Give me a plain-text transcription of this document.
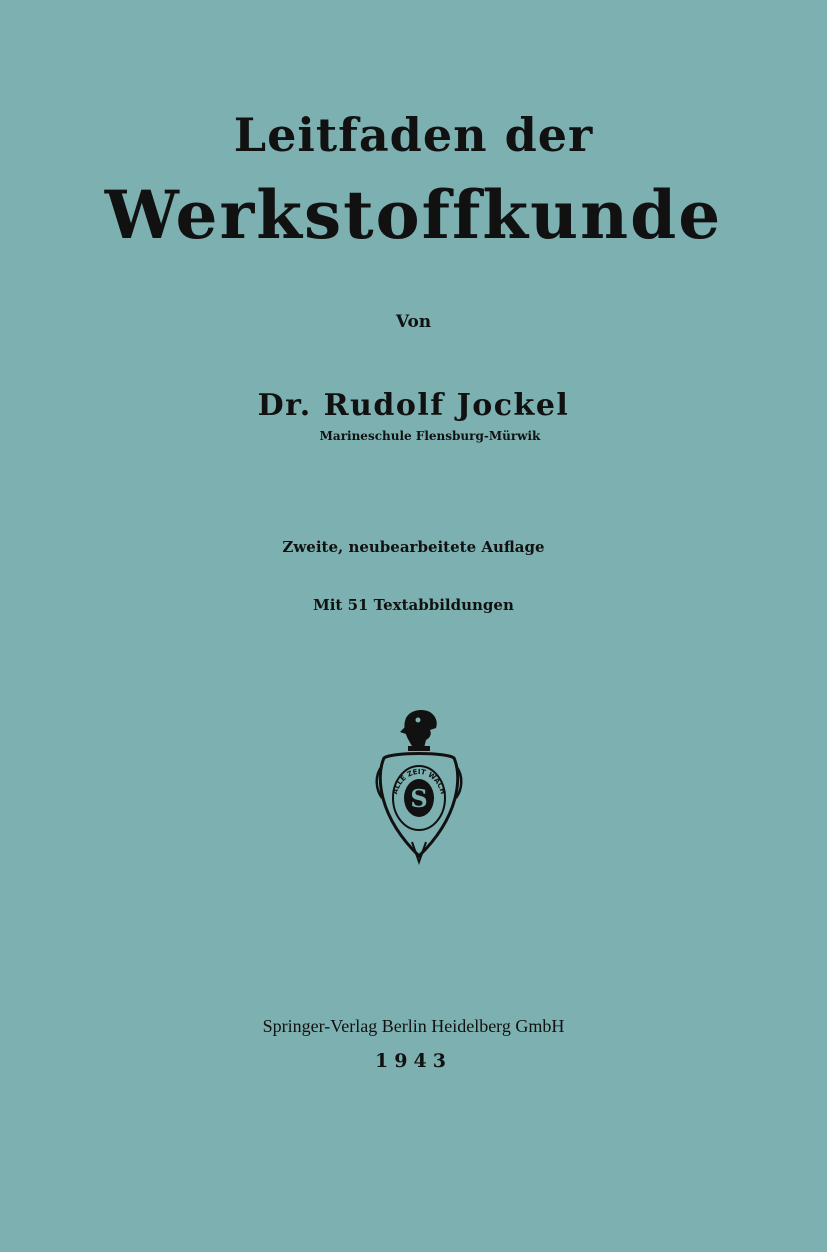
Leitfaden der
Werkstoffkunde
Von
Dr. Rudolf Jockel
Marineschule Flensburg-Mürwik
Zweite, neubearbeitete Auflage
Mit 51 Textabbildungen
S
ALLE ZEIT WACH
Springer-Verlag Berlin Heidelberg GmbH
1943
